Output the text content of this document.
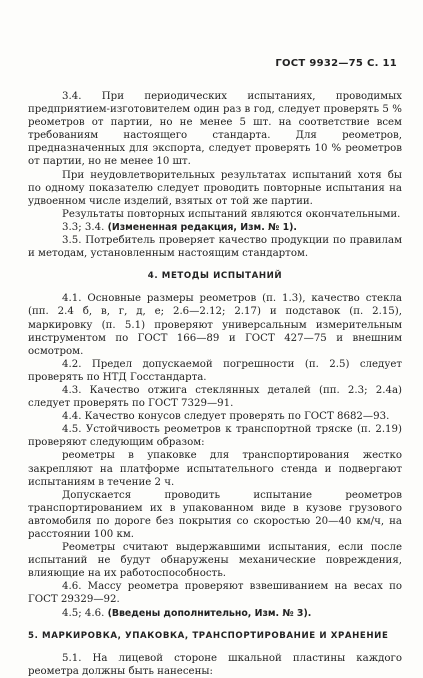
ГОСТ 9932—75 С. 11

3.4. При периодических испытаниях, проводимых предприятием-изготовителем один раз в год, следует проверять 5 % реометров от партии, но не менее 5 шт. на соответствие всем требованиям настоящего стандарта. Для реометров, предназначенных для экспорта, следует проверять 10 % реометров от партии, но не менее 10 шт.

При неудовлетворительных результатах испытаний хотя бы по одному показателю следует проводить повторные испытания на удвоенном числе изделий, взятых от той же партии.

Результаты повторных испытаний являются окончательными.

3.3; 3.4. (Измененная редакция, Изм. № 1).

3.5. Потребитель проверяет качество продукции по правилам и методам, установленным настоящим стандартом.

4. МЕТОДЫ ИСПЫТАНИЙ

4.1. Основные размеры реометров (п. 1.3), качество стекла (пп. 2.4 б, в, г, д, е; 2.6—2.12; 2.17) и подставок (п. 2.15), маркировку (п. 5.1) проверяют универсальным измерительным инструментом по ГОСТ 166—89 и ГОСТ 427—75 и внешним осмотром.

4.2. Предел допускаемой погрешности (п. 2.5) следует проверять по НТД Госстандарта.

4.3. Качество отжига стеклянных деталей (пп. 2.3; 2.4а) следует проверять по ГОСТ 7329—91.

4.4. Качество конусов следует проверять по ГОСТ 8682—93.

4.5. Устойчивость реометров к транспортной тряске (п. 2.19) проверяют следующим образом:

реометры в упаковке для транспортирования жестко закрепляют на платформе испытательного стенда и подвергают испытаниям в течение 2 ч.

Допускается проводить испытание реометров транспортированием их в упакованном виде в кузове грузового автомобиля по дороге без покрытия со скоростью 20—40 км/ч, на расстоянии 100 км.

Реометры считают выдержавшими испытания, если после испытаний не будут обнаружены механические повреждения, влияющие на их работоспособность.

4.6. Массу реометра проверяют взвешиванием на весах по ГОСТ 29329—92.

4.5; 4.6. (Введены дополнительно, Изм. № 3).

5. МАРКИРОВКА, УПАКОВКА, ТРАНСПОРТИРОВАНИЕ И ХРАНЕНИЕ

5.1. На лицевой стороне шкальной пластины каждого реометра должны быть нанесены:
